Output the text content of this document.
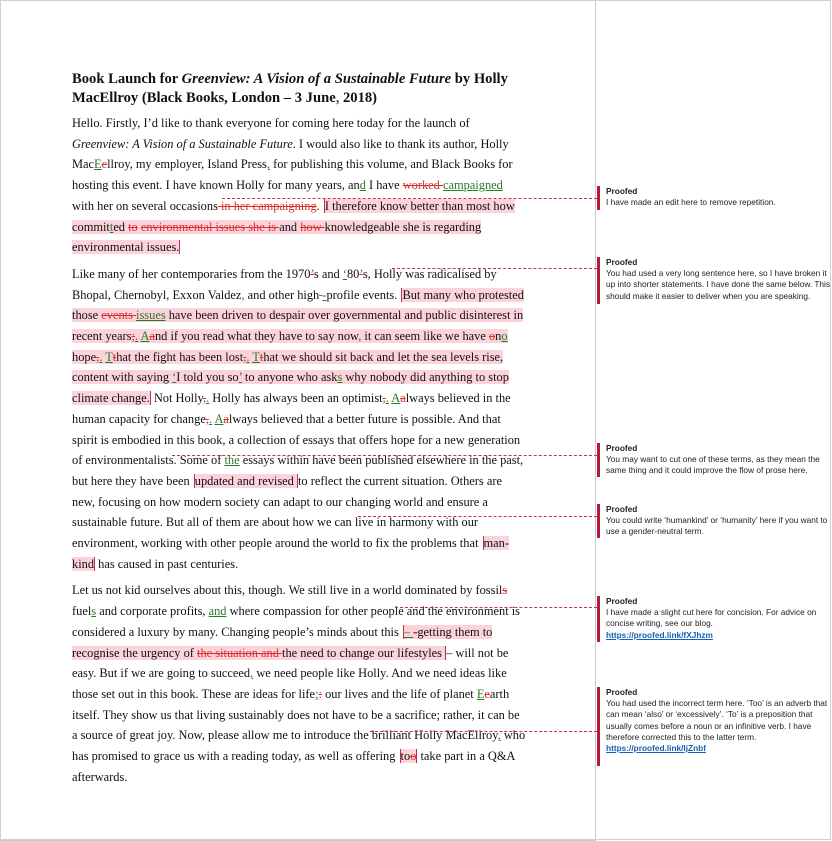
Book Launch for Greenview: A Vision of a Sustainable Future by Holly MacEllroy (Black Books, London – 3 June, 2018)

Hello. Firstly, I’d like to thank everyone for coming here today for the launch of Greenview: A Vision of a Sustainable Future. I would also like to thank its author, Holly MacEellroy, my employer, Island Press, for publishing this volume, and Black Books for hosting this event. I have known Holly for many years, and I have worked campaigned with her on several occasions in her campaigning. I therefore know better than most how committed to environmental issues she is and how knowledgeable she is regarding environmental issues.

Like many of her contemporaries from the 1970’s and ‘80’s, Holly was radicalised by Bhopal, Chernobyl, Exxon Valdez, and other high -profile events. But many who protested those events issues have been driven to despair over governmental and public disinterest in recent years;. Aand if you read what they have to say now, it can seem like we have ono hope,. Tthat the fight has been lost,. Tthat we should sit back and let the sea levels rise, content with saying ‘I told you so’ to anyone who asks why nobody did anything to stop climate change. Not Holly,. Holly has always been an optimist,. Aalways believed in the human capacity for change,. Aalways believed that a better future is possible. And that spirit is embodied in this book, a collection of essays that offers hope for a new generation of environmentalists. Some of the essays within have been published elsewhere in the past, but here they have been updated and revised to reflect the current situation. Others are new, focusing on how modern society can adapt to our changing world and ensure a sustainable future. But all of them are about how we can live in harmony with our environment, working with other people around the world to fix the problems that man-kind has caused in past centuries.

Let us not kid ourselves about this, though. We still live in a world dominated by fossils fuels and corporate profits, and where compassion for other people and the environment is considered a luxury by many. Changing people’s minds about this – -getting them to recognise the urgency of the situation and the need to change our lifestyles – will not be easy. But if we are going to succeed, we need people like Holly. And we need ideas like those set out in this book. These are ideas for life;: our lives and the life of planet Eearth itself. They show us that living sustainably does not have to be a sacrifice; rather, it can be a source of great joy. Now, please allow me to introduce the brilliant Holly MacEllroy, who has promised to grace us with a reading today, as well as offering too take part in a Q&A afterwards.

Proofed
I have made an edit here to remove repetition.
Proofed
You had used a very long sentence here, so I have broken it up into shorter statements. I have done the same below. This should make it easier to deliver when you are speaking.
Proofed
You may want to cut one of these terms, as they mean the same thing and it could improve the flow of prose here.
Proofed
You could write ‘humankind’ or ‘humanity’ here if you want to use a gender-neutral term.
Proofed
I have made a slight cut here for concision. For advice on concise writing, see our blog.
https://proofed.link/fXJhzm
Proofed
You had used the incorrect term here. ‘Too’ is an adverb that can mean ‘also’ or ‘excessively’. ‘To’ is a preposition that usually comes before a noun or an infinitive verb. I have therefore corrected this to the latter term.
https://proofed.link/IjZnbf
